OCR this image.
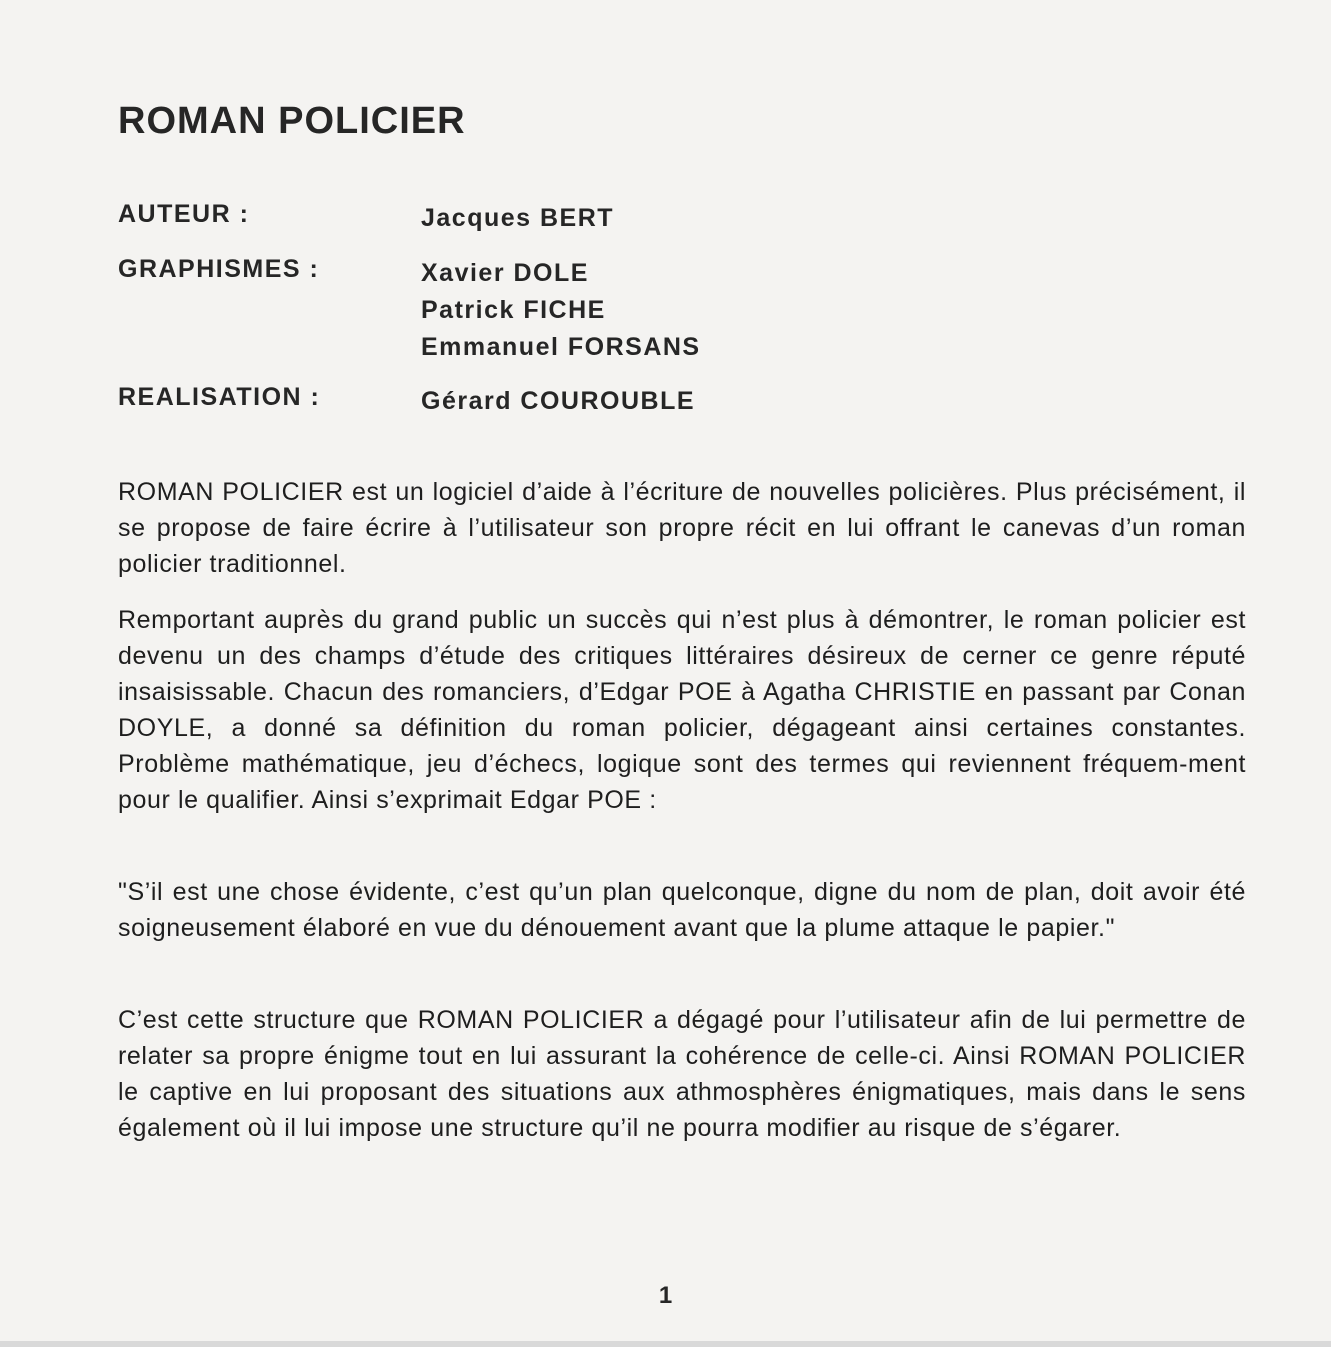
ROMAN POLICIER
AUTEUR :	Jacques BERT
GRAPHISMES :	Xavier DOLE
Patrick FICHE
Emmanuel FORSANS
REALISATION :	Gérard COUROUBLE

ROMAN POLICIER est un logiciel d’aide à l’écriture de nouvelles policières. Plus précisément, il se propose de faire écrire à l’utilisateur son propre récit en lui offrant le canevas d’un roman policier traditionnel.

Remportant auprès du grand public un succès qui n’est plus à démontrer, le roman policier est devenu un des champs d’étude des critiques littéraires désireux de cerner ce genre réputé insaisissable. Chacun des romanciers, d’Edgar POE à Agatha CHRISTIE en passant par Conan DOYLE, a donné sa définition du roman policier, dégageant ainsi certaines constantes. Problème mathématique, jeu d’échecs, logique sont des termes qui reviennent fréquem-ment pour le qualifier. Ainsi s’exprimait Edgar POE :

"S’il est une chose évidente, c’est qu’un plan quelconque, digne du nom de plan, doit avoir été soigneusement élaboré en vue du dénouement avant que la plume attaque le papier."

C’est cette structure que ROMAN POLICIER a dégagé pour l’utilisateur afin de lui permettre de relater sa propre énigme tout en lui assurant la cohérence de celle-ci. Ainsi ROMAN POLICIER le captive en lui proposant des situations aux athmosphères énigmatiques, mais dans le sens également où il lui impose une structure qu’il ne pourra modifier au risque de s’égarer.

1
